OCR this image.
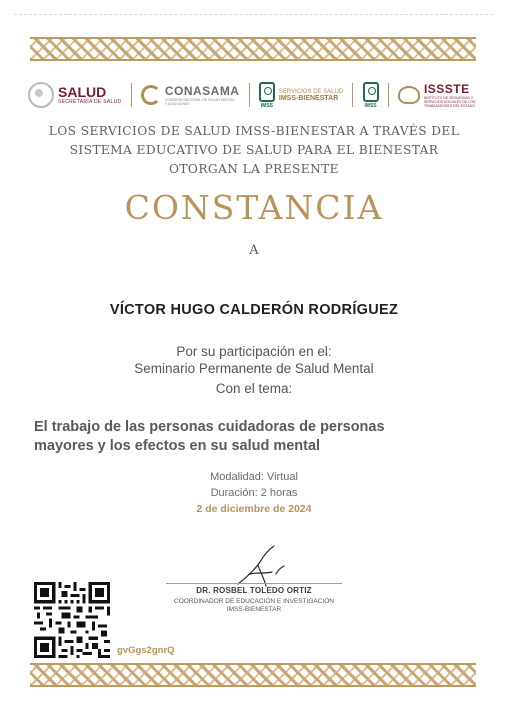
SALUD
SECRETARÍA DE SALUD
CONASAMA
COMISIÓN NACIONAL DE SALUD MENTAL Y ADICCIONES	IMSS
SERVICIOS DE SALUD
IMSS-BIENESTAR
IMSS
ISSSTE
INSTITUTO DE SEGURIDAD Y SERVICIOS SOCIALES DE LOS TRABAJADORES DEL ESTADO
LOS SERVICIOS DE SALUD IMSS-BIENESTAR A TRAVÉS DEL
SISTEMA EDUCATIVO DE SALUD PARA EL BIENESTAR
OTORGAN LA PRESENTE
CONSTANCIA
A
VÍCTOR HUGO CALDERÓN RODRÍGUEZ
Por su participación en el:
Seminario Permanente de Salud Mental
Con el tema:
El trabajo de las personas cuidadoras de personas
mayores y los efectos en su salud mental
Modalidad: Virtual
Duración: 2 horas
2 de diciembre de 2024
DR. ROSBEL TOLEDO ORTIZ
COORDINADOR DE EDUCACIÓN E INVESTIGACIÓN
IMSS-BIENESTAR
gvGgs2gnrQ
